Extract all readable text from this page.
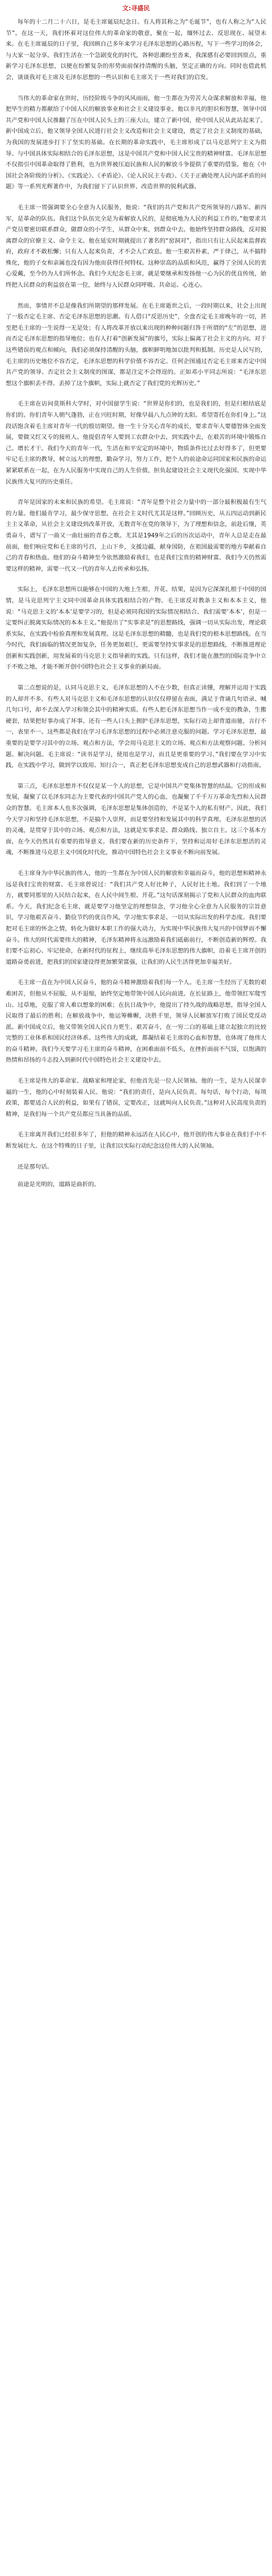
文:寻盛民

每年的十二月二十六日，是毛主席诞辰纪念日。有人将其称之为“毛诞节”，也有人称之为“人民节”。在这一天，我们怀着对这位伟大的革命家的敬意，聚在一起，缅怀过去、反思现在、展望未来。在毛主席诞辰的日子里，我回顾自己多年来学习毛泽东思想的心路历程，写下一些学习的体会，与大家一起分享。我们生活在一个急剧变化的时代，各种思潮纷至沓来，我深感有必要回到原点，重新学习毛泽东思想，以便在纷繁复杂的形势面前保持清醒的头脑，坚定正确的方向。同时也借此机会，谈谈我对毛主席及毛泽东思想的一些认识和毛主席关于一些对我们的启发。

当伟大的革命家在世时，历经阶级斗争的风风雨雨，他一生都在为劳苦大众谋求解放和幸福，他把毕生的精力都献给了中国人民的解放事业和社会主义建设事业。他以非凡的胆识和智慧，领导中国共产党和中国人民推翻了压在中国人民头上的三座大山，建立了新中国，使中国人民从此站起来了。新中国成立后，他又领导全国人民进行社会主义改造和社会主义建设，奠定了社会主义制度的基础，为我国的发展进步打下了坚实的基础。在长期的革命实践中，毛主席形成了以马克思列宁主义为指导、与中国具体实际相结合的毛泽东思想，这是中国共产党和中国人民宝贵的精神财富。毛泽东思想不仅指引中国革命取得了胜利，也为世界被压迫民族和人民的解放斗争提供了重要的借鉴。他在《中国社会各阶级的分析》、《实践论》、《矛盾论》、《论人民民主专政》、《关于正确处理人民内部矛盾的问题》等一系列光辉著作中，为我们留下了认识世界、改造世界的锐利武器。

毛主席一贯强调要全心全意为人民服务，他说：“我们的共产党和共产党所领导的八路军、新四军，是革命的队伍。我们这个队伍完全是为着解放人民的，是彻底地为人民的利益工作的。”他要求共产党员要密切联系群众，做群众的小学生，从群众中来，到群众中去。他始终坚持群众路线，反对脱离群众的官僚主义、命令主义。他在延安时期就提出了著名的“窑洞对”，指出只有让人民起来监督政府，政府才不敢松懈；只有人人起来负责，才不会人亡政息。他一生艰苦朴素，严于律己，从不搞特殊化，他的子女和亲属也没有因为他而获得任何特权。这种崇高的品质和风范，赢得了全国人民的衷心爱戴，至今仍为人们所怀念。我们今天纪念毛主席，就是要继承和发扬他一心为民的优良传统，始终把人民群众的利益放在第一位，始终与人民群众同呼吸、共命运、心连心。

然而，事情并不总是像我们所期望的那样发展。在毛主席逝世之后，一段时期以来，社会上出现了一股否定毛主席、否定毛泽东思想的思潮。有人借口“反思历史”，全盘否定毛主席晚年的一切，甚至把毛主席的一生说得一无是处；有人将改革开放以来出现的种种问题归咎于所谓的“左”的思想，进而否定毛泽东思想的指导地位；也有人打着“创新发展”的旗号，实际上偏离了社会主义的方向。对于这些错误的观点和倾向，我们必须保持清醒的头脑，旗帜鲜明地加以批判和抵制。历史是人民写的，毛主席的历史地位不容否定，毛泽东思想的科学价值不容否定。任何企图通过否定毛主席来否定中国共产党的领导、否定社会主义制度的图谋，都是注定不会得逞的。正如邓小平同志所说：“毛泽东思想这个旗帜丢不得。丢掉了这个旗帜，实际上就否定了我们党的光辉历史。”

毛主席在访问莫斯科大学时，对中国留学生说：“世界是你们的，也是我们的，但是归根结底是你们的。你们青年人朝气蓬勃，正在兴旺时期，好像早晨八九点钟的太阳。希望寄托在你们身上。”这段话饱含着毛主席对青年一代的殷切期望。他一生十分关心青年的成长，要求青年人要德智体全面发展，要做又红又专的接班人。他提倡青年人要到工农群众中去，到实践中去，在艰苦的环境中锻炼自己、增长才干。我们今天的青年一代，生活在和平安定的环境中，物质条件比过去好得多了，但更要牢记毛主席的教导，树立远大的理想，勤奋学习，努力工作，把个人的前途命运同国家和民族的命运紧紧联系在一起，在为人民服务中实现自己的人生价值，担负起建设社会主义现代化强国、实现中华民族伟大复兴的历史重任。

青年是国家的未来和民族的希望。毛主席说：“青年是整个社会力量中的一部分最积极最有生气的力量。他们最肯学习，最少保守思想，在社会主义时代尤其是这样。”回顾历史，从五四运动到新民主主义革命，从社会主义建设到改革开放，无数青年在党的领导下，为了理想和信念，前赴后继，英勇奋斗，谱写了一曲又一曲壮丽的青春之歌。尤其是1949年之后的历次运动中，青年人总是走在最前面，他们响应党和毛主席的号召，上山下乡，支援边疆，献身国防，在祖国最需要的地方奉献着自己的青春和热血。他们的奋斗精神至今依然激励着我们，也是我们宝贵的精神财富。我们今天仍然需要这样的精神，需要一代又一代的青年人去传承和弘扬。

实际上，毛泽东思想所以能够在中国的大地上生根、开花、结果，是因为它深深扎根于中国的国情，是马克思列宁主义同中国革命具体实践相结合的产物。毛主席反对教条主义和本本主义，他说：“马克思主义的‘本本’是要学习的，但是必须同我国的实际情况相结合。我们需要‘本本’，但是一定要纠正脱离实际情况的本本主义。”他提出了“实事求是”的思想路线，强调一切从实际出发，理论联系实际，在实践中检验真理和发展真理。这是毛泽东思想的精髓，也是我们党的根本思想路线。在当今时代，我们面临的情况更加复杂，任务更加艰巨，更需要坚持实事求是的思想路线，不断推进理论创新和实践创新，用发展着的马克思主义指导新的实践。只有这样，我们才能在激烈的国际竞争中立于不败之地，才能不断开创中国特色社会主义事业的新局面。

第二点想说的是，认同马克思主义，毛泽东思想的人不在少数，但真正读懂，理解并运用于实践的人却并不多。有些人对马克思主义和毛泽东思想的认识仅仅停留在表面，满足于背诵几句语录、喊几句口号，却不去深入学习和领会其中的精神实质。有些人把毛泽东思想当作一成不变的教条，生搬硬套，结果把好事办成了坏事。还有一些人口头上拥护毛泽东思想，实际行动上却背道而驰，言行不一，表里不一。这些都是我们在学习毛泽东思想的过程中必须注意克服的问题。学习毛泽东思想，最重要的是要学习其中的立场、观点和方法，学会用马克思主义的立场、观点和方法观察问题、分析问题、解决问题。毛主席说：“读书是学习，使用也是学习，而且是更重要的学习。”我们要在学习中实践，在实践中学习，做到学以致用、知行合一，真正把毛泽东思想变成自己的思想武器和行动指南。

第三点，毛泽东思想并不仅仅是某一个人的思想，它是中国共产党集体智慧的结晶。它的形成和发展，凝聚了以毛泽东同志为主要代表的中国共产党人的心血，也凝聚了千千万万革命先烈和人民群众的智慧。毛主席本人也多次强调，毛泽东思想是集体创造的，不是某个人的私有财产。因此，我们今天学习和坚持毛泽东思想，不是搞个人崇拜，而是要坚持和发展其中的科学真理。毛泽东思想的活的灵魂，是贯穿于其中的立场、观点和方法，这就是实事求是、群众路线、独立自主。这三个基本方面，在今天仍然具有重要的指导意义。我们要在新的历史条件下，坚持和运用好毛泽东思想活的灵魂，不断推进马克思主义中国化时代化，推动中国特色社会主义事业不断向前发展。

毛主席身为中华民族的伟人，他的一生都在为中国人民的解放和幸福而奋斗，他的思想和精神永远是我们宝贵的财富。毛主席曾说过：“我们共产党人好比种子，人民好比土地。我们到了一个地方，就要同那里的人民结合起来，在人民中间生根、开花。”这句话深刻揭示了党和人民群众的血肉联系。今天，我们纪念毛主席，就是要学习他坚定的理想信念，学习他全心全意为人民服务的宗旨意识，学习他艰苦奋斗、勤俭节约的优良作风，学习他实事求是、一切从实际出发的科学态度。我们要把对毛主席的怀念之情，转化为做好本职工作的强大动力，为实现中华民族伟大复兴的中国梦而不懈奋斗。伟大的时代需要伟大的精神，毛泽东精神将永远激励着我们砥砺前行，不断创造新的辉煌。我们要不忘初心、牢记使命，在新时代的征程上，继续高举毛泽东思想的伟大旗帜，沿着毛主席开创的道路奋勇前进，把我们的国家建设得更加繁荣富强，让我们的人民生活得更加幸福美好。

毛主席一直在为中国人民奋斗，他的奋斗精神激励着我们每一个人。毛主席一生经历了无数的艰难困苦，但他从不屈服，从不退缩，始终坚定地带领中国人民向前进。在长征路上，他带领红军爬雪山、过草地，克服了常人难以想象的困难；在抗日战争中，他提出了持久战的战略思想，指导全国人民取得了最后的胜利；在解放战争中，他运筹帷幄，决胜千里，领导人民解放军打败了国民党反动派。新中国成立后，他又带领全国人民自力更生、艰苦奋斗，在一穷二白的基础上建立起独立的比较完整的工业体系和国民经济体系。这些伟大的成就，都凝结着毛主席的心血和智慧，也体现了他伟大的奋斗精神。我们今天要学习毛主席的奋斗精神，在困难面前不低头，在挫折面前不气馁，以饱满的热情和昂扬的斗志投入到新时代中国特色社会主义建设中去。

毛主席是伟大的革命家、战略家和理论家，但他首先是一位人民领袖。他的一生，是为人民谋幸福的一生，他的心中时刻装着人民。他说：“我们的责任，是向人民负责。每句话，每个行动，每项政策，都要适合人民的利益，如果有了错误，定要改正，这就叫向人民负责。”这种对人民高度负责的精神，是我们每一个共产党员都应当具备的品质。

毛主席离开我们已经很多年了，但他的精神永远活在人民心中，他开创的伟大事业在我们手中不断发展壮大。在这个特殊的日子里，让我们以实际行动纪念这位伟大的人民领袖。

还是那句话。

前途是光明的，道路是曲折的。
